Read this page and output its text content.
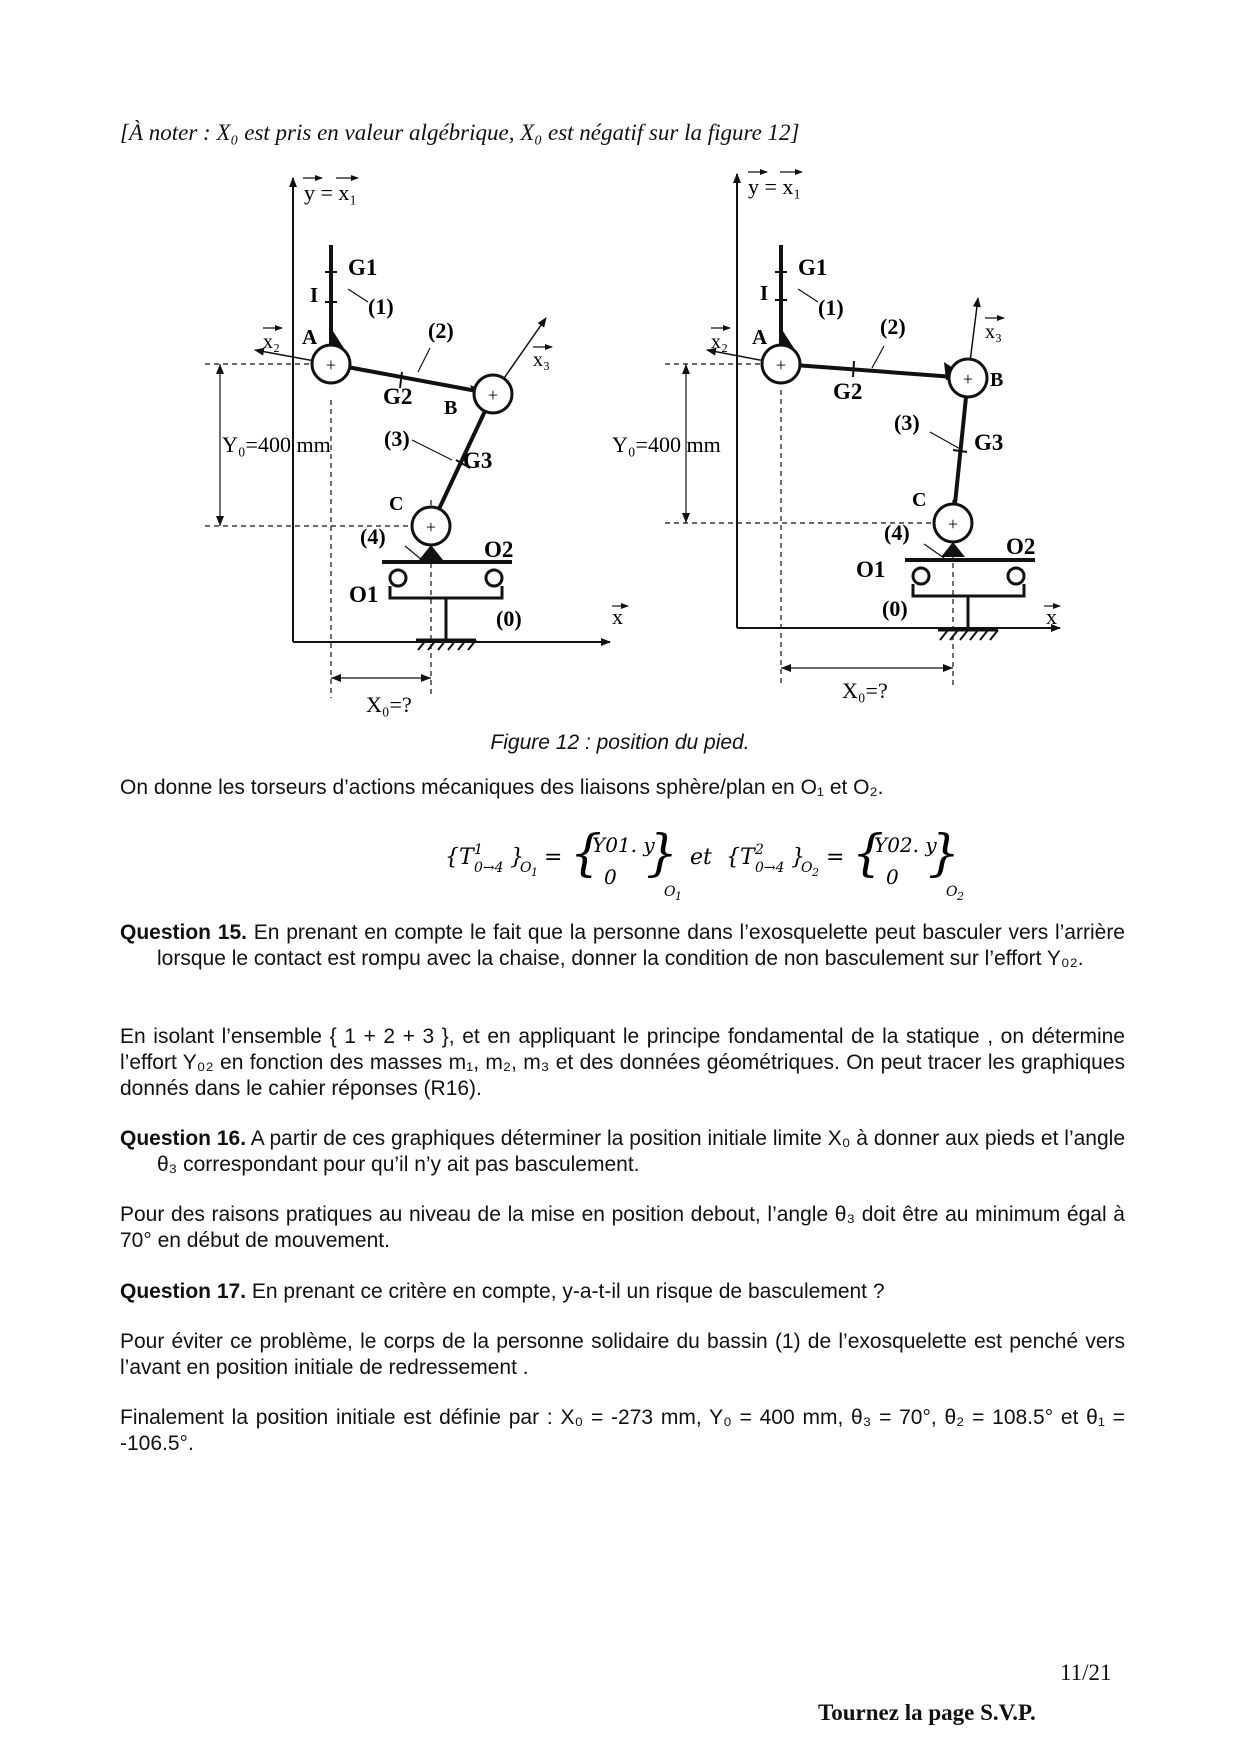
[À noter : X₀ est pris en valeur algébrique, X₀ est négatif sur la figure 12]
y = x₁
x
Y₀=400 mm
X₀=?
+
+
+
I
G1
(1)
x₂ A	(2)
x₃
G2 B
(3)
G3
C
(4)
O1
O2
(0)
y = x₁
x
Y₀=400 mm
X₀=?
+
+
+
I
G1
(1)
x₂ A	(2)	x₃
G2	B
(3)
G3
C
(4)
O1
O2
(0)
Figure 12 : position du pied.
On donne les torseurs d’actions mécaniques des liaisons sphère/plan en O₁ et O₂.
{T 1
0→4 }
O 1
= {
Y01. y
0 }
O 1
et {T 2
0→4 }
O 2
= {
Y02. y
0 }
O 2
Question 15. En prenant en compte le fait que la personne dans l’exosquelette peut basculer vers l’arrière lorsque le contact est rompu avec la chaise, donner la condition de non basculement sur l’effort Y₀₂.
En isolant l’ensemble { 1 + 2 + 3 }, et en appliquant le principe fondamental de la statique , on détermine l’effort Y₀₂ en fonction des masses m₁, m₂, m₃ et des données géométriques. On peut tracer les graphiques donnés dans le cahier réponses (R16).
Question 16. A partir de ces graphiques déterminer la position initiale limite X₀ à donner aux pieds et l’angle θ₃ correspondant pour qu’il n’y ait pas basculement.
Pour des raisons pratiques au niveau de la mise en position debout, l’angle θ₃ doit être au minimum égal à 70° en début de mouvement.
Question 17. En prenant ce critère en compte, y-a-t-il un risque de basculement ?
Pour éviter ce problème, le corps de la personne solidaire du bassin (1) de l’exosquelette est penché vers l’avant en position initiale de redressement .
Finalement la position initiale est définie par : X₀ = -273 mm, Y₀ = 400 mm, θ₃ = 70°, θ₂ = 108.5° et θ₁ = -106.5°.
11/21
Tournez la page S.V.P.
